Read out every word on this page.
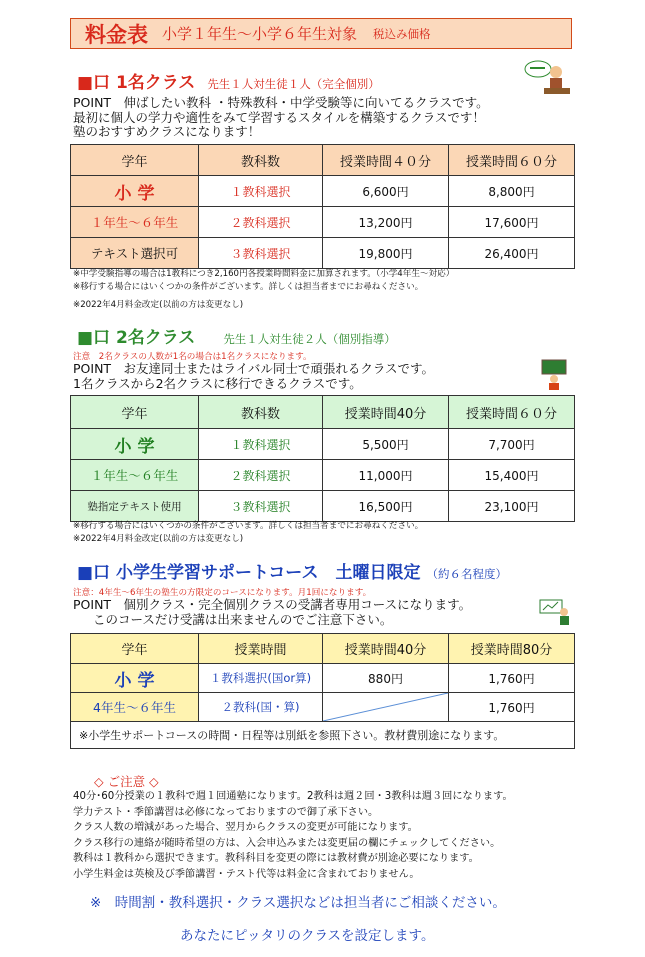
料金表 小学１年生～小学６年生対象 税込み価格
■口 1名クラス 先生１人対生徒１人（完全個別）
POINT　伸ばしたい教科 ・特殊教科・中学受験等に向いてるクラスです。
最初に個人の学力や適性をみて学習するスタイルを構築するクラスです！
塾のおすすめクラスになります！
学年	教科数	授業時間４０分	授業時間６０分
小 学	１教科選択	6,600円	8,800円
１年生～６年生	２教科選択	13,200円	17,600円
テキスト選択可	３教科選択	19,800円	26,400円
※中学受験指導の場合は1教科につき2,160円各授業時間料金に加算されます。（小学4年生～対応）
※移行する場合にはいくつかの条件がございます。詳しくは担当者までにお尋ねください。
※2022年4月料金改定(以前の方は変更なし)
■口 2名クラス 先生１人対生徒２人（個別指導）
注意　2名クラスの人数が1名の場合は1名クラスになります。
POINT　お友達同士またはライバル同士で頑張れるクラスです。
1名クラスから2名クラスに移行できるクラスです。
学年	教科数	授業時間40分	授業時間６０分
小 学	１教科選択	5,500円	7,700円
１年生～６年生	２教科選択	11,000円	15,400円
塾指定テキスト使用	３教科選択	16,500円	23,100円
※移行する場合にはいくつかの条件がございます。詳しくは担当者までにお尋ねください。
※2022年4月料金改定(以前の方は変更なし)
■口 小学生学習サポートコース　土曜日限定 （約６名程度）
注意：4年生～6年生の塾生の方限定のコースになります。月1回になります。
POINT　個別クラス・完全個別クラスの受講者専用コースになります。
このコースだけ受講は出来ませんのでご注意下さい。
学年	授業時間	授業時間40分	授業時間80分
小 学	１教科選択(国or算)	880円	1,760円
4年生～６年生	２教科(国・算)		1,760円
※小学生サポートコースの時間・日程等は別紙を参照下さい。教材費別途になります。			
◇ ご注意 ◇
40分･60分授業の１教科で週１回通塾になります。2教科は週２回・3教科は週３回になります。
学力テスト・季節講習は必修になっておりますので御了承下さい。
クラス人数の増減があった場合、翌月からクラスの変更が可能になります。
クラス移行の連絡が随時希望の方は、入会申込みまたは変更届の欄にチェックしてください。
教科は１教科から選択できます。教科科目を変更の際には教材費が別途必要になります。
小学生料金は英検及び季節講習・テスト代等は料金に含まれておりません。
※　時間割・教科選択・クラス選択などは担当者にご相談ください。
あなたにピッタリのクラスを設定します。
